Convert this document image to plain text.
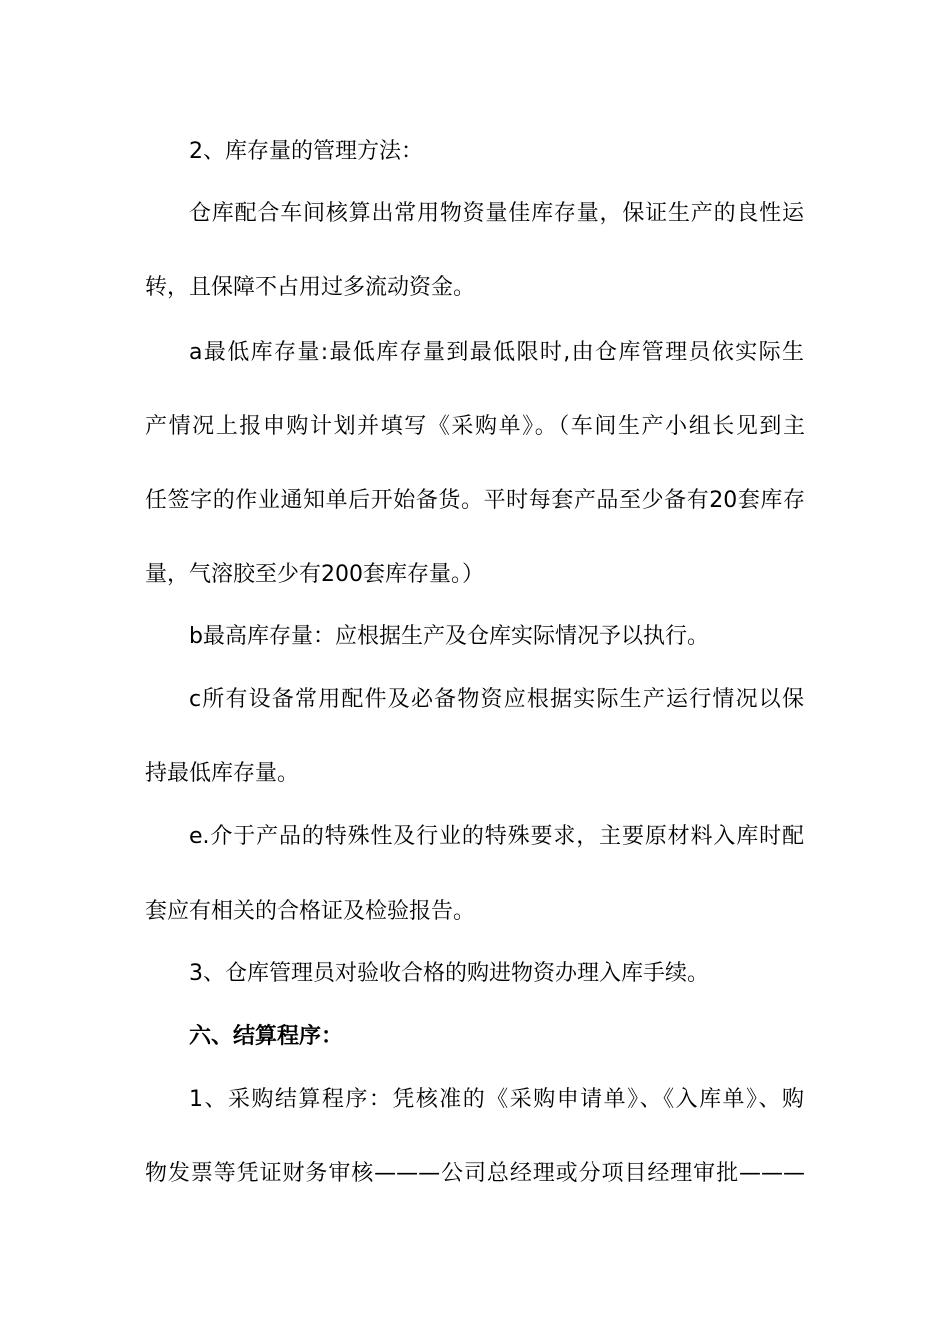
2、库存量的管理方法：
仓库配合车间核算出常用物资量佳库存量，保证生产的良性运
转，且保障不占用过多流动资金。
a最低库存量:最低库存量到最低限时,由仓库管理员依实际生
产情况上报申购计划并填写《采购单》。（车间生产小组长见到主
任签字的作业通知单后开始备货。平时每套产品至少备有20套库存
量，气溶胶至少有200套库存量。）
b最高库存量：应根据生产及仓库实际情况予以执行。
c所有设备常用配件及必备物资应根据实际生产运行情况以保
持最低库存量。
e.介于产品的特殊性及行业的特殊要求，主要原材料入库时配
套应有相关的合格证及检验报告。
3、仓库管理员对验收合格的购进物资办理入库手续。
六、结算程序：
1、采购结算程序：凭核准的《采购申请单》、《入库单》、购
物发票等凭证财务审核———公司总经理或分项目经理审批———
